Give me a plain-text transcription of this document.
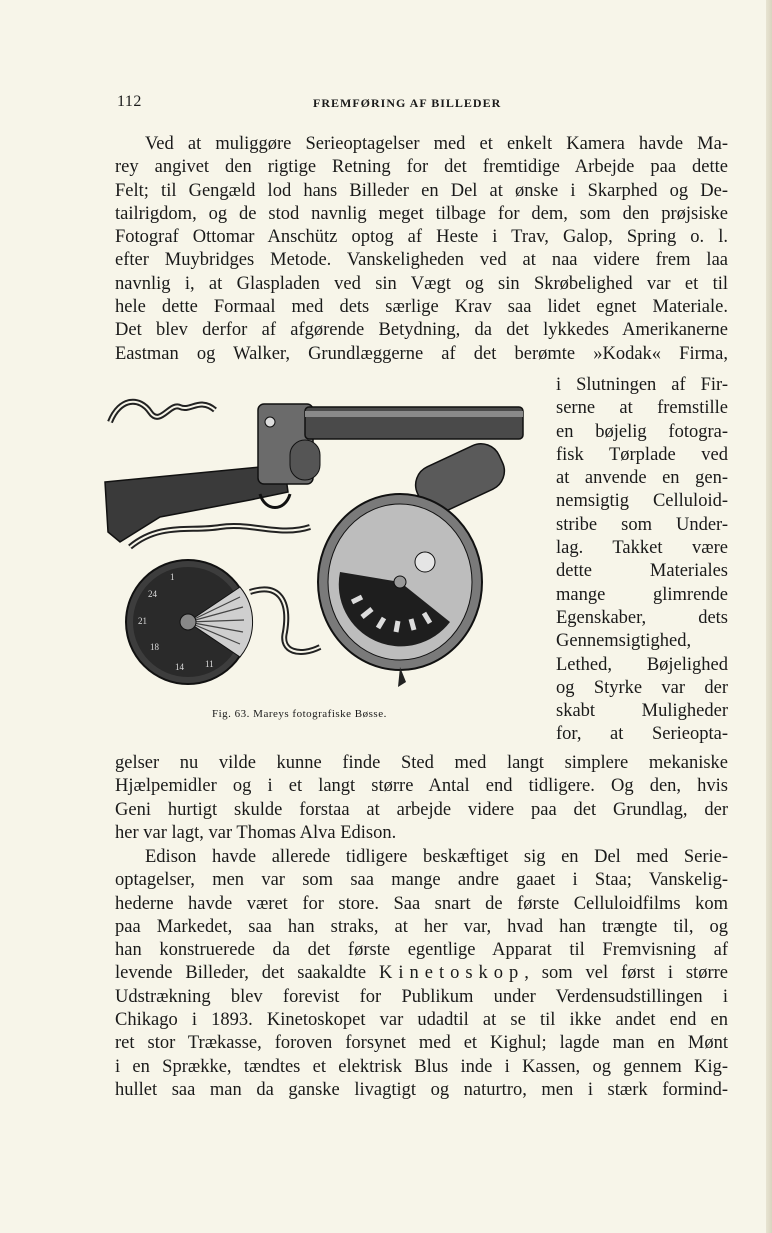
112	FREMFØRING AF BILLEDER
Ved at muliggøre Serieoptagelser med et enkelt Kamera havde Ma-
rey angivet den rigtige Retning for det fremtidige Arbejde paa dette
Felt; til Gengæld lod hans Billeder en Del at ønske i Skarphed og De-
tailrigdom, og de stod navnlig meget tilbage for dem, som den prøjsiske
Fotograf Ottomar Anschütz optog af Heste i Trav, Galop, Spring o. l.
efter Muybridges Metode. Vanskeligheden ved at naa videre frem laa
navnlig i, at Glaspladen ved sin Vægt og sin Skrøbelighed var et til
hele dette Formaal med dets særlige Krav saa lidet egnet Materiale.
Det blev derfor af afgørende Betydning, da det lykkedes Amerikanerne
Eastman og Walker, Grundlæggerne af det berømte »Kodak« Firma,
i Slutningen af Fir-
serne at fremstille
en bøjelig fotogra-
fisk Tørplade ved
at anvende en gen-
nemsigtig Celluloid-
stribe som Under-
lag. Takket være
dette Materiales
mange glimrende
Egenskaber, dets
Gennemsigtighed,
Lethed, Bøjelighed
og Styrke var der
skabt Muligheder
for, at Serieopta-
21
24
1
18
14 11
Fig. 63. Mareys fotografiske Bøsse.
gelser nu vilde kunne finde Sted med langt simplere mekaniske
Hjælpemidler og i et langt større Antal end tidligere. Og den, hvis
Geni hurtigt skulde forstaa at arbejde videre paa det Grundlag, der
her var lagt, var Thomas Alva Edison.
Edison havde allerede tidligere beskæftiget sig en Del med Serie-
optagelser, men var som saa mange andre gaaet i Staa; Vanskelig-
hederne havde været for store. Saa snart de første Celluloidfilms kom
paa Markedet, saa han straks, at her var, hvad han trængte til, og
han konstruerede da det første egentlige Apparat til Fremvisning af
levende Billeder, det saakaldte Kinetoskop, som vel først i større
Udstrækning blev forevist for Publikum under Verdensudstillingen i
Chikago i 1893. Kinetoskopet var udadtil at se til ikke andet end en
ret stor Trækasse, foroven forsynet med et Kighul; lagde man en Mønt
i en Sprække, tændtes et elektrisk Blus inde i Kassen, og gennem Kig-
hullet saa man da ganske livagtigt og naturtro, men i stærk formind-
